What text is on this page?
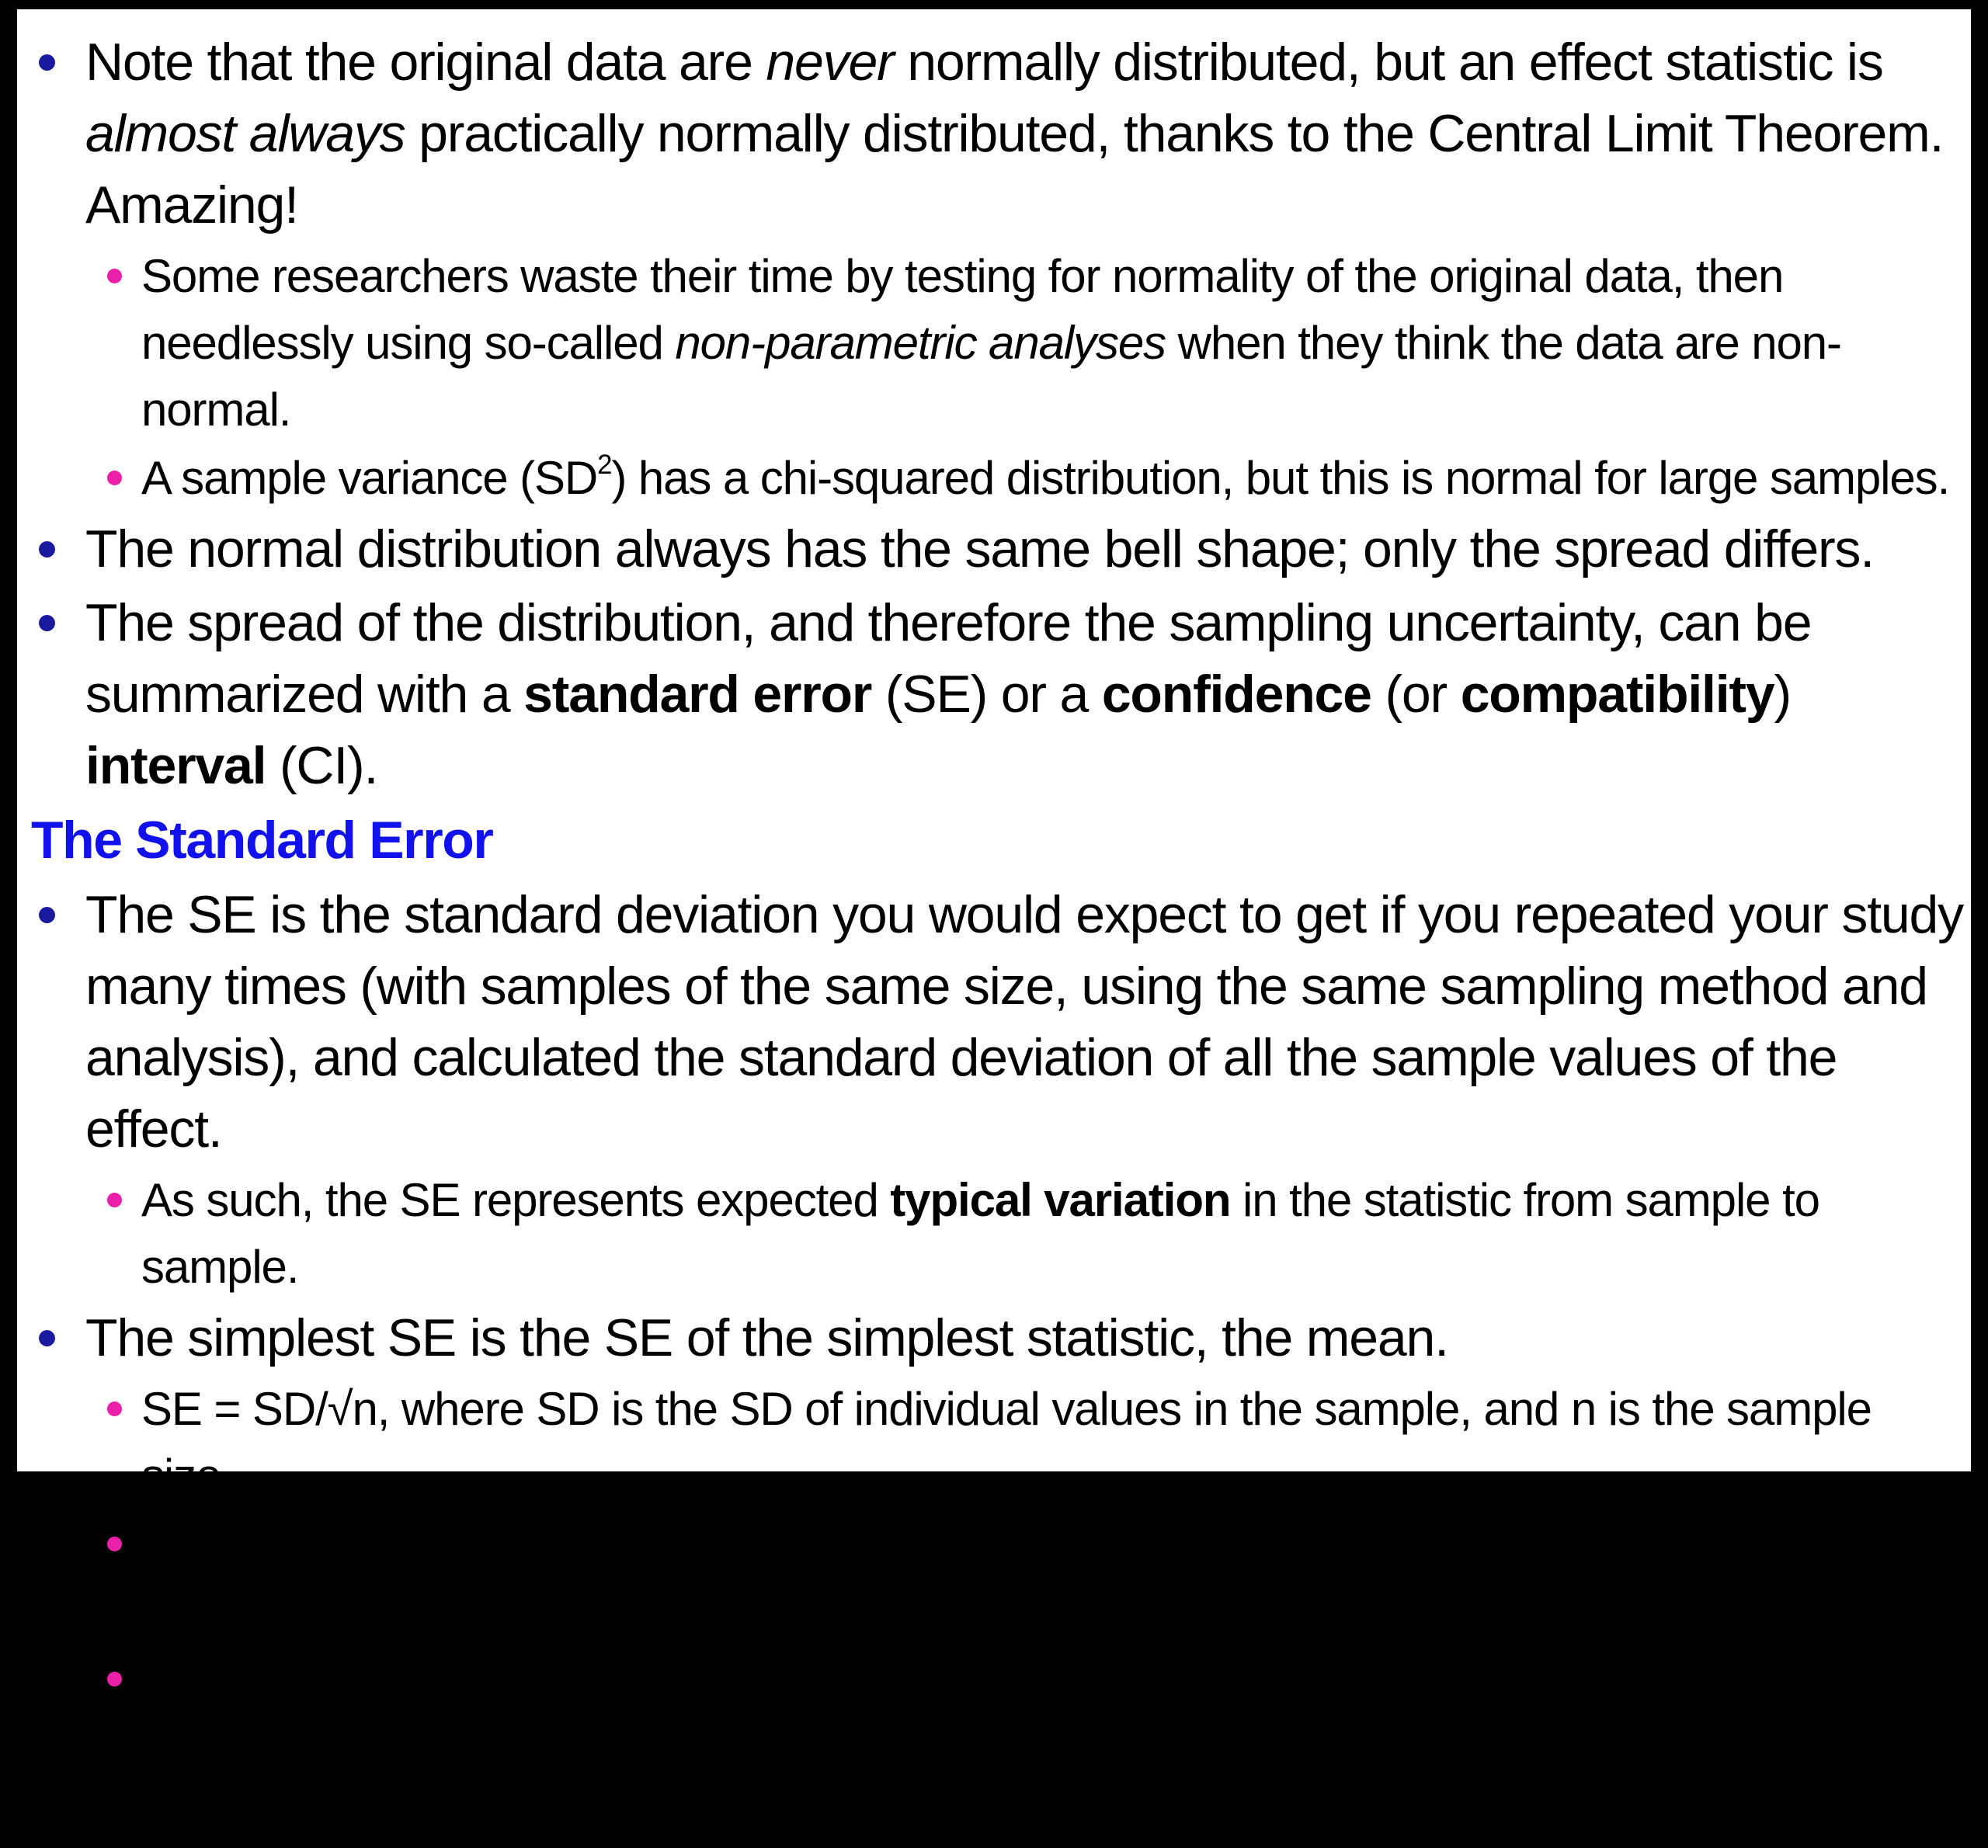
Note that the original data are never normally distributed, but an effect statistic is almost always practically normally distributed, thanks to the Central Limit Theorem. Amazing!
Some researchers waste their time by testing for normality of the original data, then needlessly using so-called non-parametric analyses when they think the data are non-normal.
A sample variance $(SD^2)$ has a chi-squared distribution, but this is normal for large samples.
The normal distribution always has the same bell shape; only the spread differs.
The spread of the distribution, and therefore the sampling uncertainty, can be summarized with a standard error (SE) or a confidence (or compatibility) interval (CI).
The Standard Error
The SE is the standard deviation you would expect to get if you repeated your study many times (with samples of the same size, using the same sampling method and analysis), and calculated the standard deviation of all the sample values of the effect.
As such, the SE represents expected typical variation in the statistic from sample to sample.
The simplest SE is the SE of the simplest statistic, the mean.
SE = SD/√n, where SD is the SD of individual values in the sample, and n is the sample size.
If the statistic is a mean change (e.g., in performance resulting from training a sample of n athletes), the SD in this formula is simply the SD of the individual change scores.
If the statistic is a difference in means between two groups of individuals (e.g., the difference in the means of females and males, or the difference in mean changes in an experimental and control group), the formula for the SE involves the SDs and sample sizes of each group.
